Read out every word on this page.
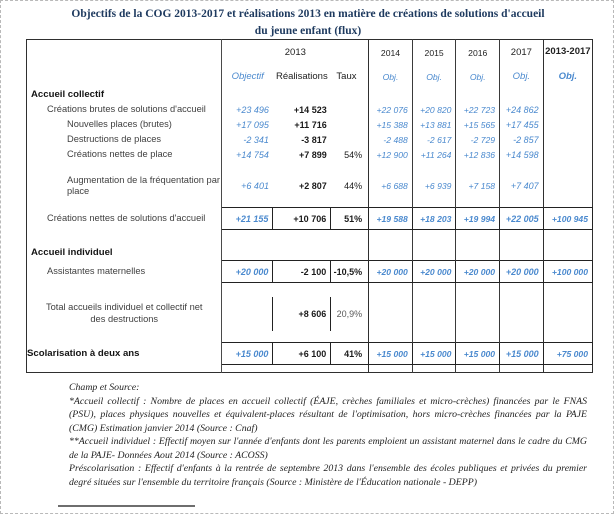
Objectifs de la COG 2013-2017 et réalisations 2013 en matière de créations de solutions d'accueil du jeune enfant (flux)
	2013			2014	2015	2016	2017	2013-2017
	Objectif	Réalisations	Taux	Obj.	Obj.	Obj.	Obj.	Obj.
Accueil collectif								
Créations brutes de solutions d'accueil	+23 496	+14 523		+22 076	+20 820	+22 723	+24 862	
Nouvelles places (brutes)	+17 095	+11 716		+15 388	+13 881	+15 565	+17 455	
Destructions de places	-2 341	-3 817		-2 488	-2 617	-2 729	-2 857	
Créations nettes de place	+14 754	+7 899	54%	+12 900	+11 264	+12 836	+14 598	

Augmentation de la fréquentation par place	+6 401	+2 807	44%	+6 688	+6 939	+7 158	+7 407	

Créations nettes de solutions d'accueil	+21 155	+10 706	51%	+19 588	+18 203	+19 994	+22 005	+100 945

Accueil individuel								
Assistantes maternelles	+20 000	-2 100	-10,5%	+20 000	+20 000	+20 000	+20 000	+100 000

Total accueils individuel et collectif net des destructions		+8 606	20,9%					

Scolarisation à deux ans	+15 000	+6 100	41%	+15 000	+15 000	+15 000	+15 000	+75 000

Champ et Source:

*Accueil collectif : Nombre de places en accueil collectif (ÉAJE, crèches familiales et micro-crèches) financées par le FNAS (PSU), places physiques nouvelles et équivalent-places résultant de l'optimisation, hors micro-crèches financées par la PAJE (CMG) Estimation janvier 2014 (Source : Cnaf)

**Accueil individuel : Effectif moyen sur l'année d'enfants dont les parents emploient un assistant maternel dans le cadre du CMG de la PAJE- Données Aout 2014 (Source : ACOSS)

Préscolarisation : Effectif d'enfants à la rentrée de septembre 2013 dans l'ensemble des écoles publiques et privées du premier degré situées sur l'ensemble du territoire français (Source : Ministère de l'Éducation nationale - DEPP)
